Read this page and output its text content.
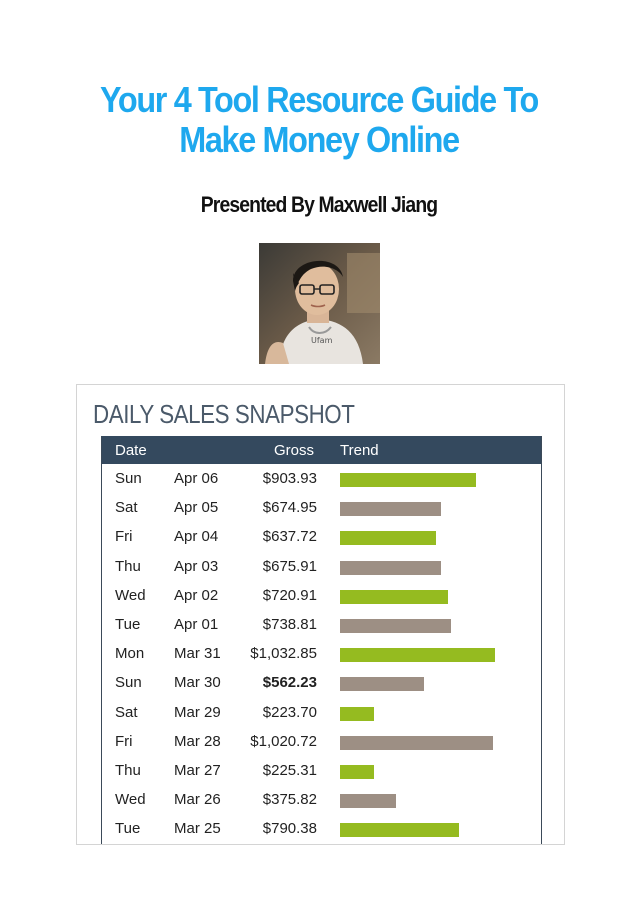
Your 4 Tool Resource Guide To
Make Money Online
Presented By Maxwell Jiang
Ufam
DAILY SALES SNAPSHOT
Date	Gross Trend
Sun Apr 06	$903.93
Sat Apr 05	$674.95
Fri	Apr 04	$637.72
Thu Apr 03	$675.91
Wed Apr 02	$720.91
Tue Apr 01	$738.81
Mon Mar 31 $1,032.85
Sun Mar 30	$562.23
Sat Mar 29	$223.70
Fri	Mar 28 $1,020.72
Thu Mar 27	$225.31
Wed Mar 26	$375.82
Tue Mar 25	$790.38
